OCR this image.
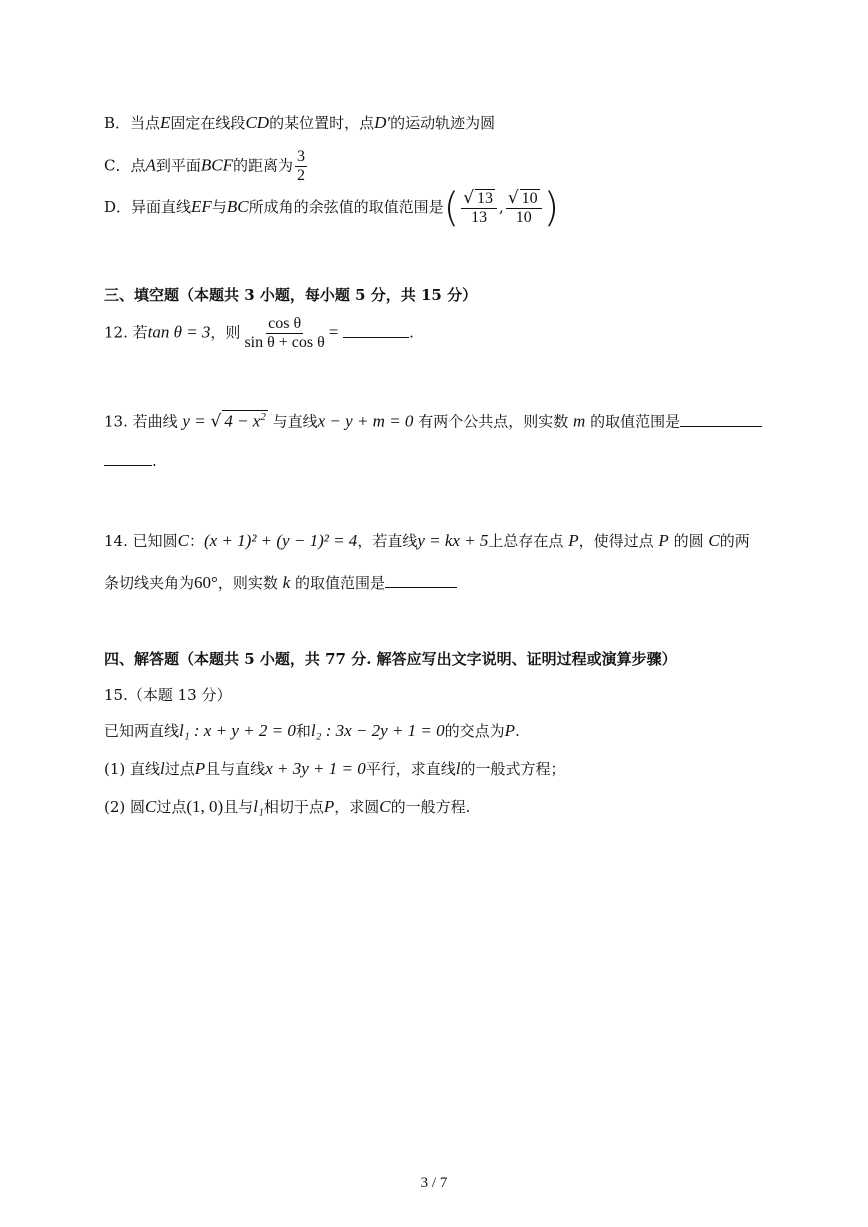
B．当点E固定在线段CD的某位置时，点D′的运动轨迹为圆
C．点A到平面BCF的距离为 $\frac{3}{2}$
D．异面直线EF与BC所成角的余弦值的取值范围是( $\frac{√ 13}{13}$ , $\frac{√ 10}{10}$ )
三、填空题（本题共 3 小题，每小题 5 分，共 15 分）
12. 若tan θ = 3，则 $\frac{\text{cos θ}}{\text{sin θ + cos θ}}$ =	.
13. 若曲线 y = √ $4 - x^2$ 与直线x − y + m = 0 有两个公共点，则实数 m 的取值范围是
.
14. 已知圆C：(x + 1)² + (y − 1)² = 4，若直线y = kx + 5上总存在点 P，使得过点 P 的圆 C的两
条切线夹角为60°，则实数 k 的取值范围是
四、解答题（本题共 5 小题，共 77 分. 解答应写出文字说明、证明过程或演算步骤）
15.（本题 13 分）
已知两直线l₁ : x + y + 2 = 0和l₂ : 3x − 2y + 1 = 0的交点为P.
(1) 直线l过点P且与直线x + 3y + 1 = 0平行，求直线l的一般式方程；
(2) 圆C过点(1, 0)且与l₁相切于点P，求圆C的一般方程.
3 / 7
